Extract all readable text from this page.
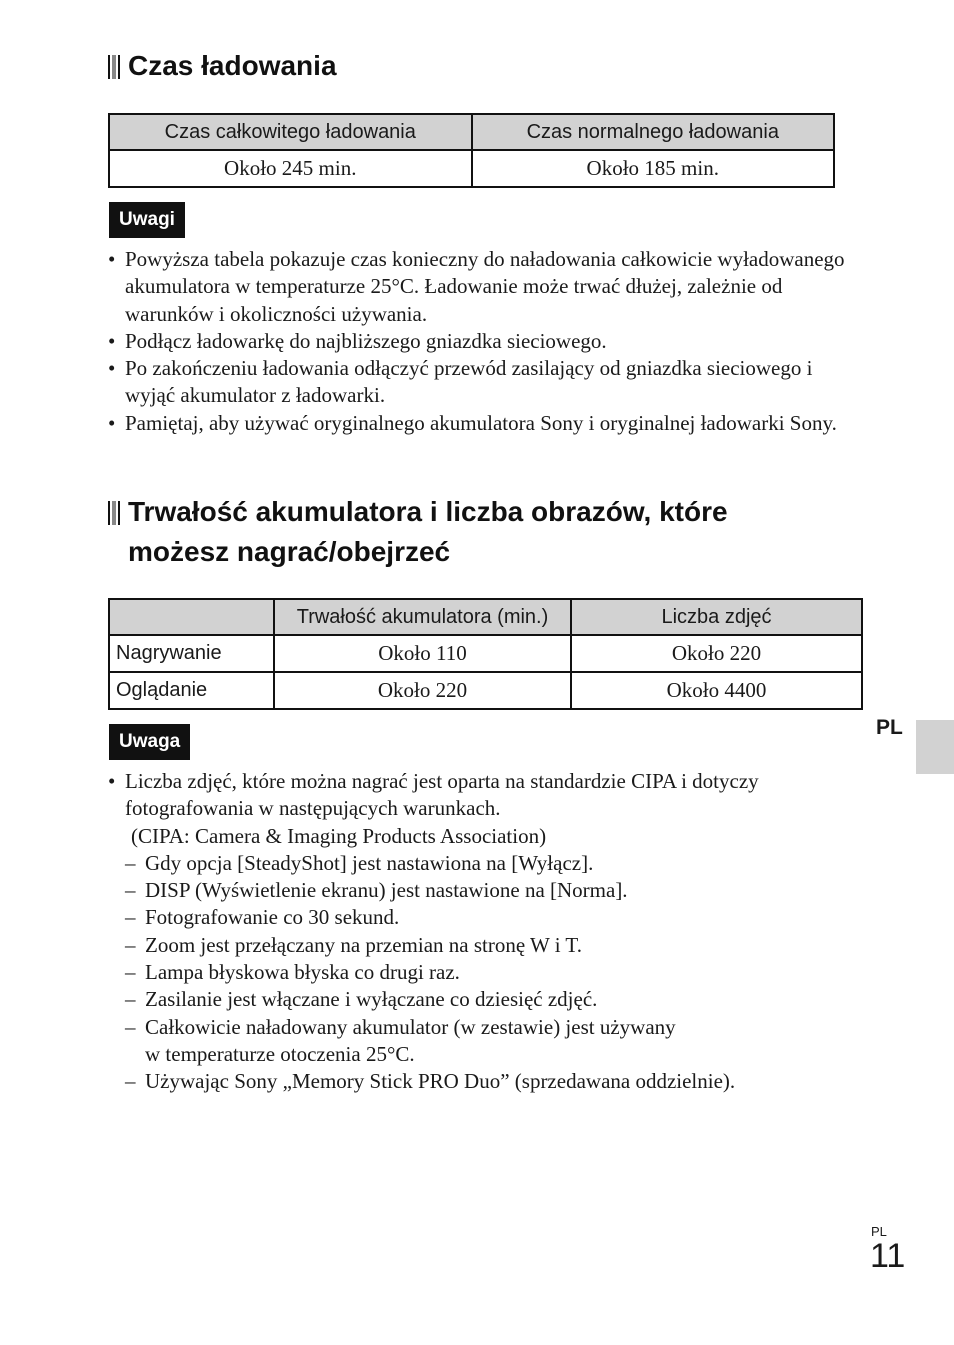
Czas ładowania
Czas całkowitego ładowania	Czas normalnego ładowania
Około 245 min.	Około 185 min.
Uwagi
• Powyższa tabela pokazuje czas konieczny do naładowania całkowicie wyładowanego akumulatora w temperaturze 25°C. Ładowanie może trwać dłużej, zależnie od warunków i okoliczności używania.
• Podłącz ładowarkę do najbliższego gniazdka sieciowego.
• Po zakończeniu ładowania odłączyć przewód zasilający od gniazdka sieciowego i wyjąć akumulator z ładowarki.
• Pamiętaj, aby używać oryginalnego akumulatora Sony i oryginalnej ładowarki Sony.
Trwałość akumulatora i liczba obrazów, które
możesz nagrać/obejrzeć
	Trwałość akumulatora (min.)	Liczba zdjęć
Nagrywanie	Około 110	Około 220
Oglądanie	Około 220	Około 4400
Uwaga
• Liczba zdjęć, które można nagrać jest oparta na standardzie CIPA i dotyczy
fotografowania w następujących warunkach.
(CIPA: Camera & Imaging Products Association)
– Gdy opcja [SteadyShot] jest nastawiona na [Wyłącz].
– DISP (Wyświetlenie ekranu) jest nastawione na [Norma].
– Fotografowanie co 30 sekund.
– Zoom jest przełączany na przemian na stronę W i T.
– Lampa błyskowa błyska co drugi raz.
– Zasilanie jest włączane i wyłączane co dziesięć zdjęć.
– Całkowicie naładowany akumulator (w zestawie) jest używany
w temperaturze otoczenia 25°C.
– Używając Sony „Memory Stick PRO Duo” (sprzedawana oddzielnie).
PL
PL
11
